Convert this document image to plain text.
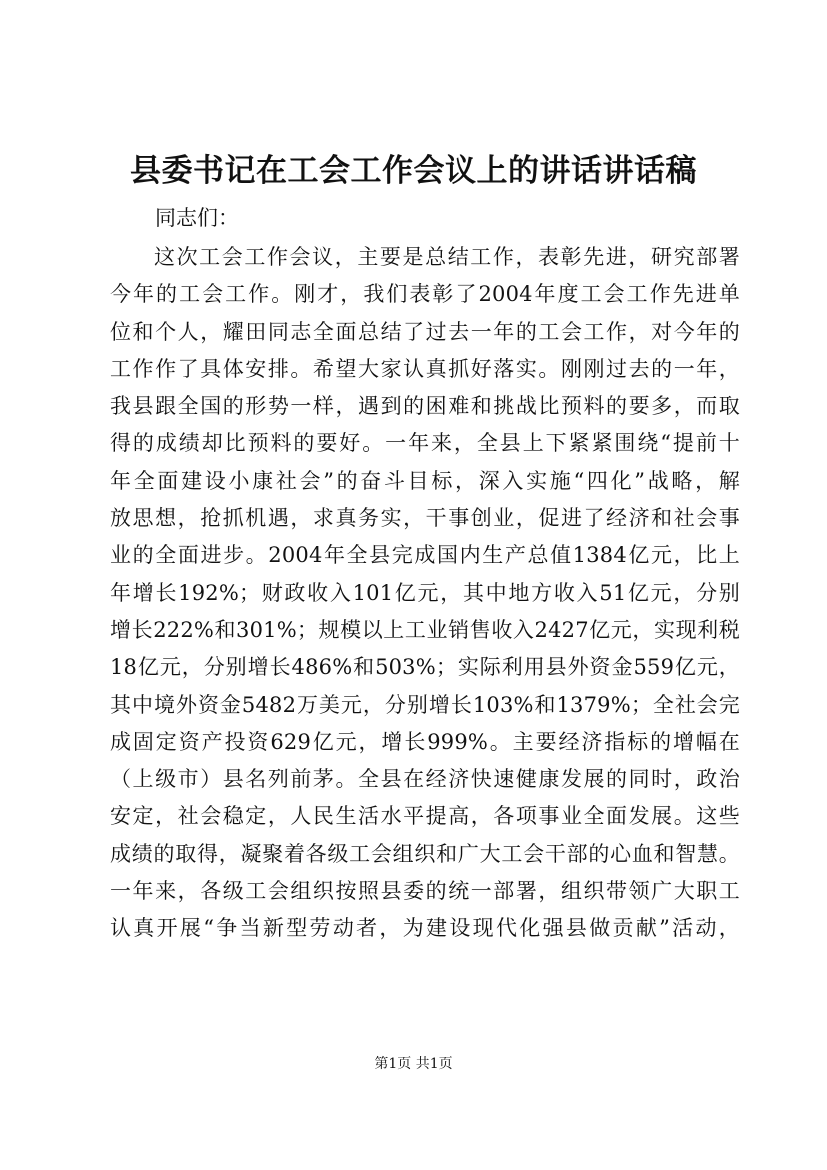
县委书记在工会工作会议上的讲话讲话稿
同志们：
这次工会工作会议，主要是总结工作，表彰先进，研究部署
今年的工会工作。刚才，我们表彰了2004年度工会工作先进单
位和个人，耀田同志全面总结了过去一年的工会工作，对今年的
工作作了具体安排。希望大家认真抓好落实。刚刚过去的一年，
我县跟全国的形势一样，遇到的困难和挑战比预料的要多，而取
得的成绩却比预料的要好。一年来，全县上下紧紧围绕“提前十
年全面建设小康社会”的奋斗目标，深入实施“四化”战略，解
放思想，抢抓机遇，求真务实，干事创业，促进了经济和社会事
业的全面进步。2004年全县完成国内生产总值1384亿元，比上
年增长192%；财政收入101亿元，其中地方收入51亿元，分别
增长222%和301%；规模以上工业销售收入2427亿元，实现利税
18亿元，分别增长486%和503%；实际利用县外资金559亿元，
其中境外资金5482万美元，分别增长103%和1379%；全社会完
成固定资产投资629亿元，增长999%。主要经济指标的增幅在
（上级市）县名列前茅。全县在经济快速健康发展的同时，政治
安定，社会稳定，人民生活水平提高，各项事业全面发展。这些
成绩的取得，凝聚着各级工会组织和广大工会干部的心血和智慧。
一年来，各级工会组织按照县委的统一部署，组织带领广大职工
认真开展“争当新型劳动者，为建设现代化强县做贡献”活动，
第1页 共1页
